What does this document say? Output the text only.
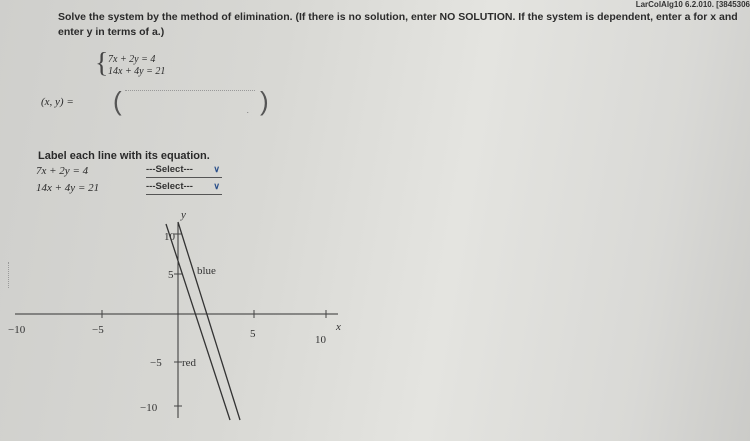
LarColAlg10 6.2.010. [3845306
Solve the system by the method of elimination. (If there is no solution, enter NO SOLUTION. If the system is dependent, enter a for x and enter y in terms of a.)
{ 7x + 2y = 4
14x + 4y = 21
(x, y) = (	. )
Label each line with its equation.
7x + 2y = 4	---Select--- ∨
14x + 4y = 21	---Select--- ∨
−10	−5	5	10
x
y
10
5
−5
−10
blue
red
